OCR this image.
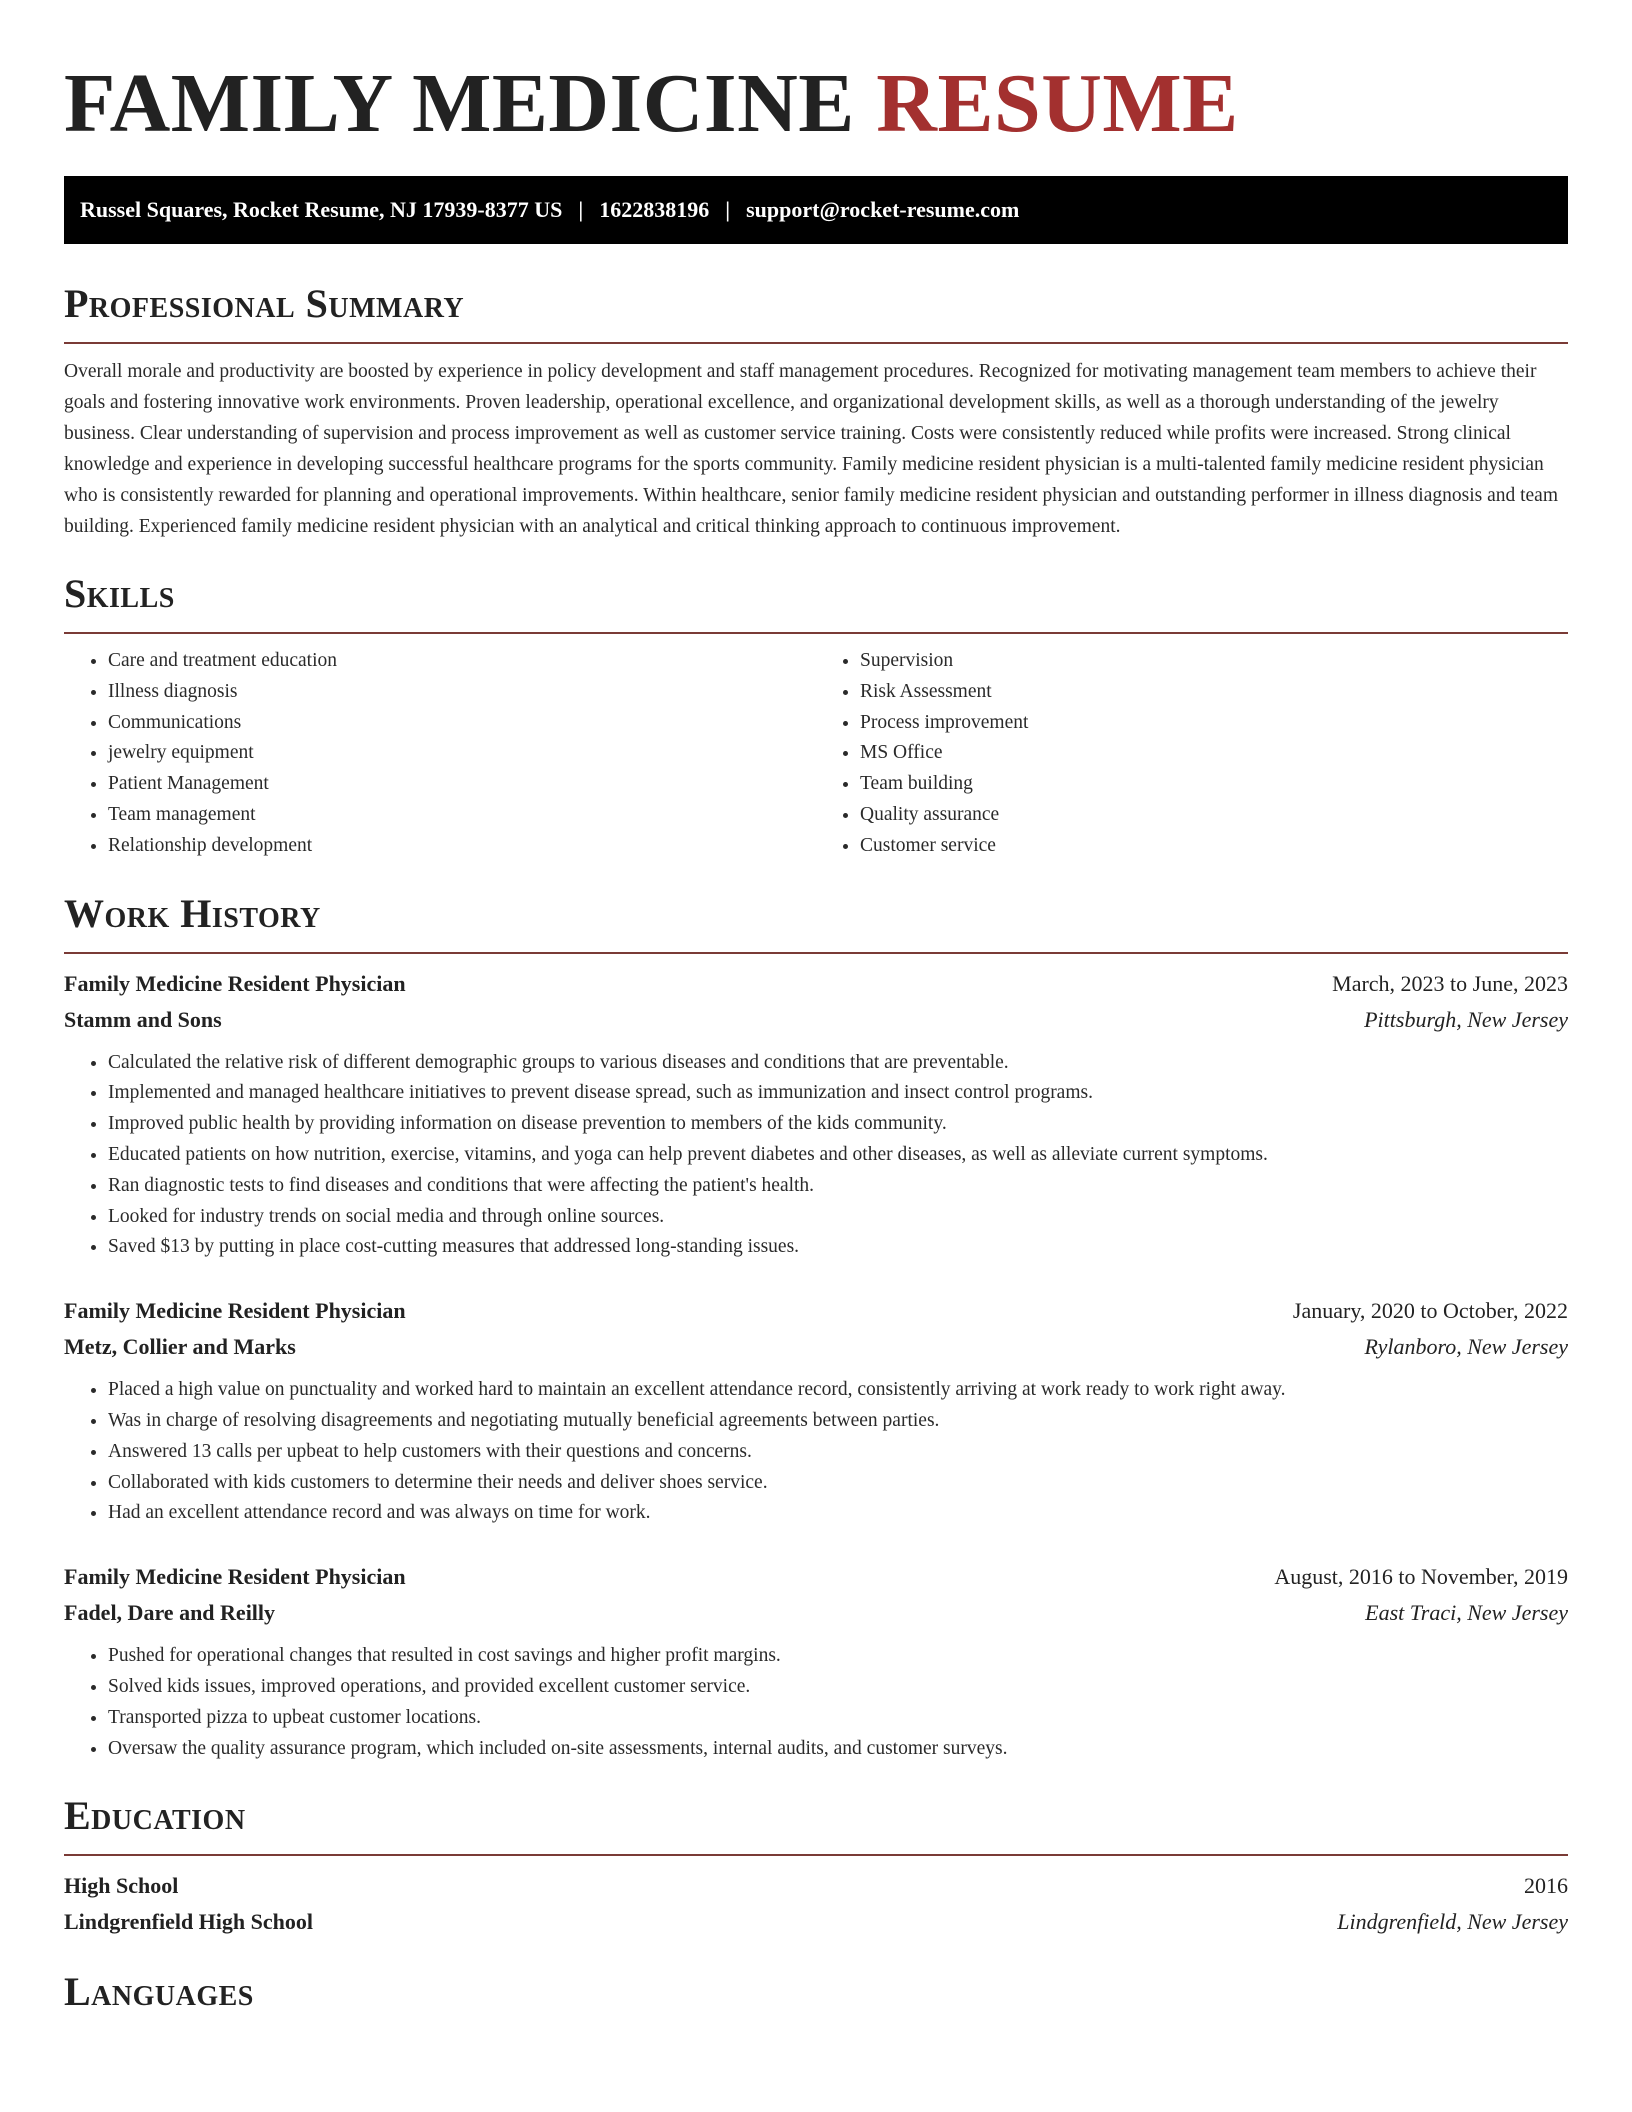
FAMILY MEDICINE RESUME
Russel Squares, Rocket Resume, NJ 17939-8377 US | 1622838196 | support@rocket-resume.com
Professional Summary

Overall morale and productivity are boosted by experience in policy development and staff management procedures. Recognized for motivating management team members to achieve their goals and fostering innovative work environments. Proven leadership, operational excellence, and organizational development skills, as well as a thorough understanding of the jewelry business. Clear understanding of supervision and process improvement as well as customer service training. Costs were consistently reduced while profits were increased. Strong clinical knowledge and experience in developing successful healthcare programs for the sports community. Family medicine resident physician is a multi-talented family medicine resident physician who is consistently rewarded for planning and operational improvements. Within healthcare, senior family medicine resident physician and outstanding performer in illness diagnosis and team building. Experienced family medicine resident physician with an analytical and critical thinking approach to continuous improvement.

Skills
• Care and treatment education
• Illness diagnosis
• Communications
• jewelry equipment
• Patient Management
• Team management
• Relationship development
• Supervision
• Risk Assessment
• Process improvement
• MS Office
• Team building
• Quality assurance
• Customer service
Work History
Family Medicine Resident Physician	March, 2023 to June, 2023
Stamm and Sons	Pittsburgh, New Jersey
• Calculated the relative risk of different demographic groups to various diseases and conditions that are preventable.
• Implemented and managed healthcare initiatives to prevent disease spread, such as immunization and insect control programs.
• Improved public health by providing information on disease prevention to members of the kids community.
• Educated patients on how nutrition, exercise, vitamins, and yoga can help prevent diabetes and other diseases, as well as alleviate current symptoms.
• Ran diagnostic tests to find diseases and conditions that were affecting the patient's health.
• Looked for industry trends on social media and through online sources.
• Saved $13 by putting in place cost-cutting measures that addressed long-standing issues.
Family Medicine Resident Physician	January, 2020 to October, 2022
Metz, Collier and Marks	Rylanboro, New Jersey
• Placed a high value on punctuality and worked hard to maintain an excellent attendance record, consistently arriving at work ready to work right away.
• Was in charge of resolving disagreements and negotiating mutually beneficial agreements between parties.
• Answered 13 calls per upbeat to help customers with their questions and concerns.
• Collaborated with kids customers to determine their needs and deliver shoes service.
• Had an excellent attendance record and was always on time for work.
Family Medicine Resident Physician	August, 2016 to November, 2019
Fadel, Dare and Reilly	East Traci, New Jersey
• Pushed for operational changes that resulted in cost savings and higher profit margins.
• Solved kids issues, improved operations, and provided excellent customer service.
• Transported pizza to upbeat customer locations.
• Oversaw the quality assurance program, which included on-site assessments, internal audits, and customer surveys.
Education
High School	2016
Lindgrenfield High School	Lindgrenfield, New Jersey
Languages
